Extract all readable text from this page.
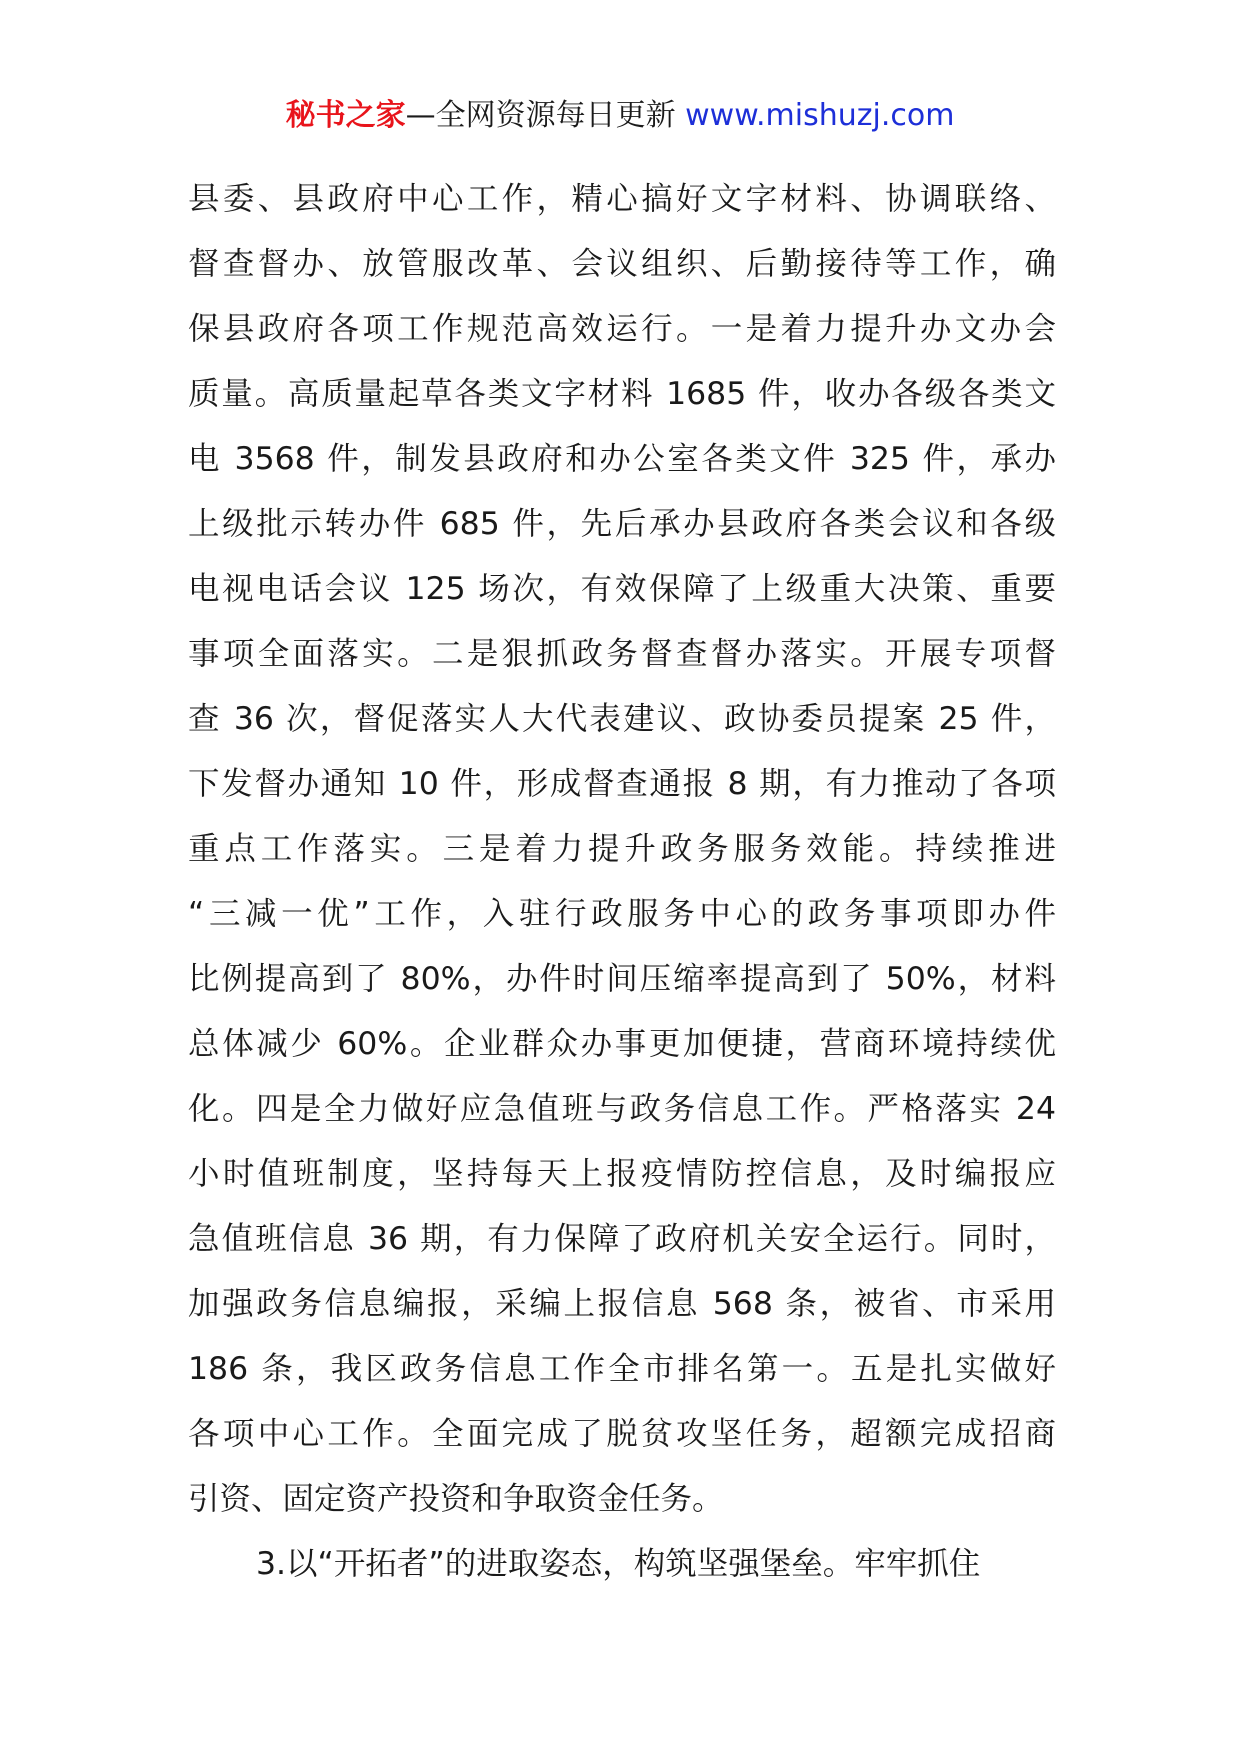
秘书之家—全网资源每日更新 www.mishuzj.com
县委、县政府中心工作，精心搞好文字材料、协调联络、
督查督办、放管服改革、会议组织、后勤接待等工作，确
保县政府各项工作规范高效运行。一是着力提升办文办会
质量。高质量起草各类文字材料 1685 件，收办各级各类文
电 3568 件，制发县政府和办公室各类文件 325 件，承办
上级批示转办件 685 件，先后承办县政府各类会议和各级
电视电话会议 125 场次，有效保障了上级重大决策、重要
事项全面落实。二是狠抓政务督查督办落实。开展专项督
查 36 次，督促落实人大代表建议、政协委员提案 25 件，
下发督办通知 10 件，形成督查通报 8 期，有力推动了各项
重点工作落实。三是着力提升政务服务效能。持续推进
“三减一优”工作，入驻行政服务中心的政务事项即办件
比例提高到了 80%，办件时间压缩率提高到了 50%，材料
总体减少 60%。企业群众办事更加便捷，营商环境持续优
化。四是全力做好应急值班与政务信息工作。严格落实 24
小时值班制度，坚持每天上报疫情防控信息，及时编报应
急值班信息 36 期，有力保障了政府机关安全运行。同时，
加强政务信息编报，采编上报信息 568 条，被省、市采用
186 条，我区政务信息工作全市排名第一。五是扎实做好
各项中心工作。全面完成了脱贫攻坚任务，超额完成招商
引资、固定资产投资和争取资金任务。
3.以“开拓者”的进取姿态，构筑坚强堡垒。牢牢抓住
